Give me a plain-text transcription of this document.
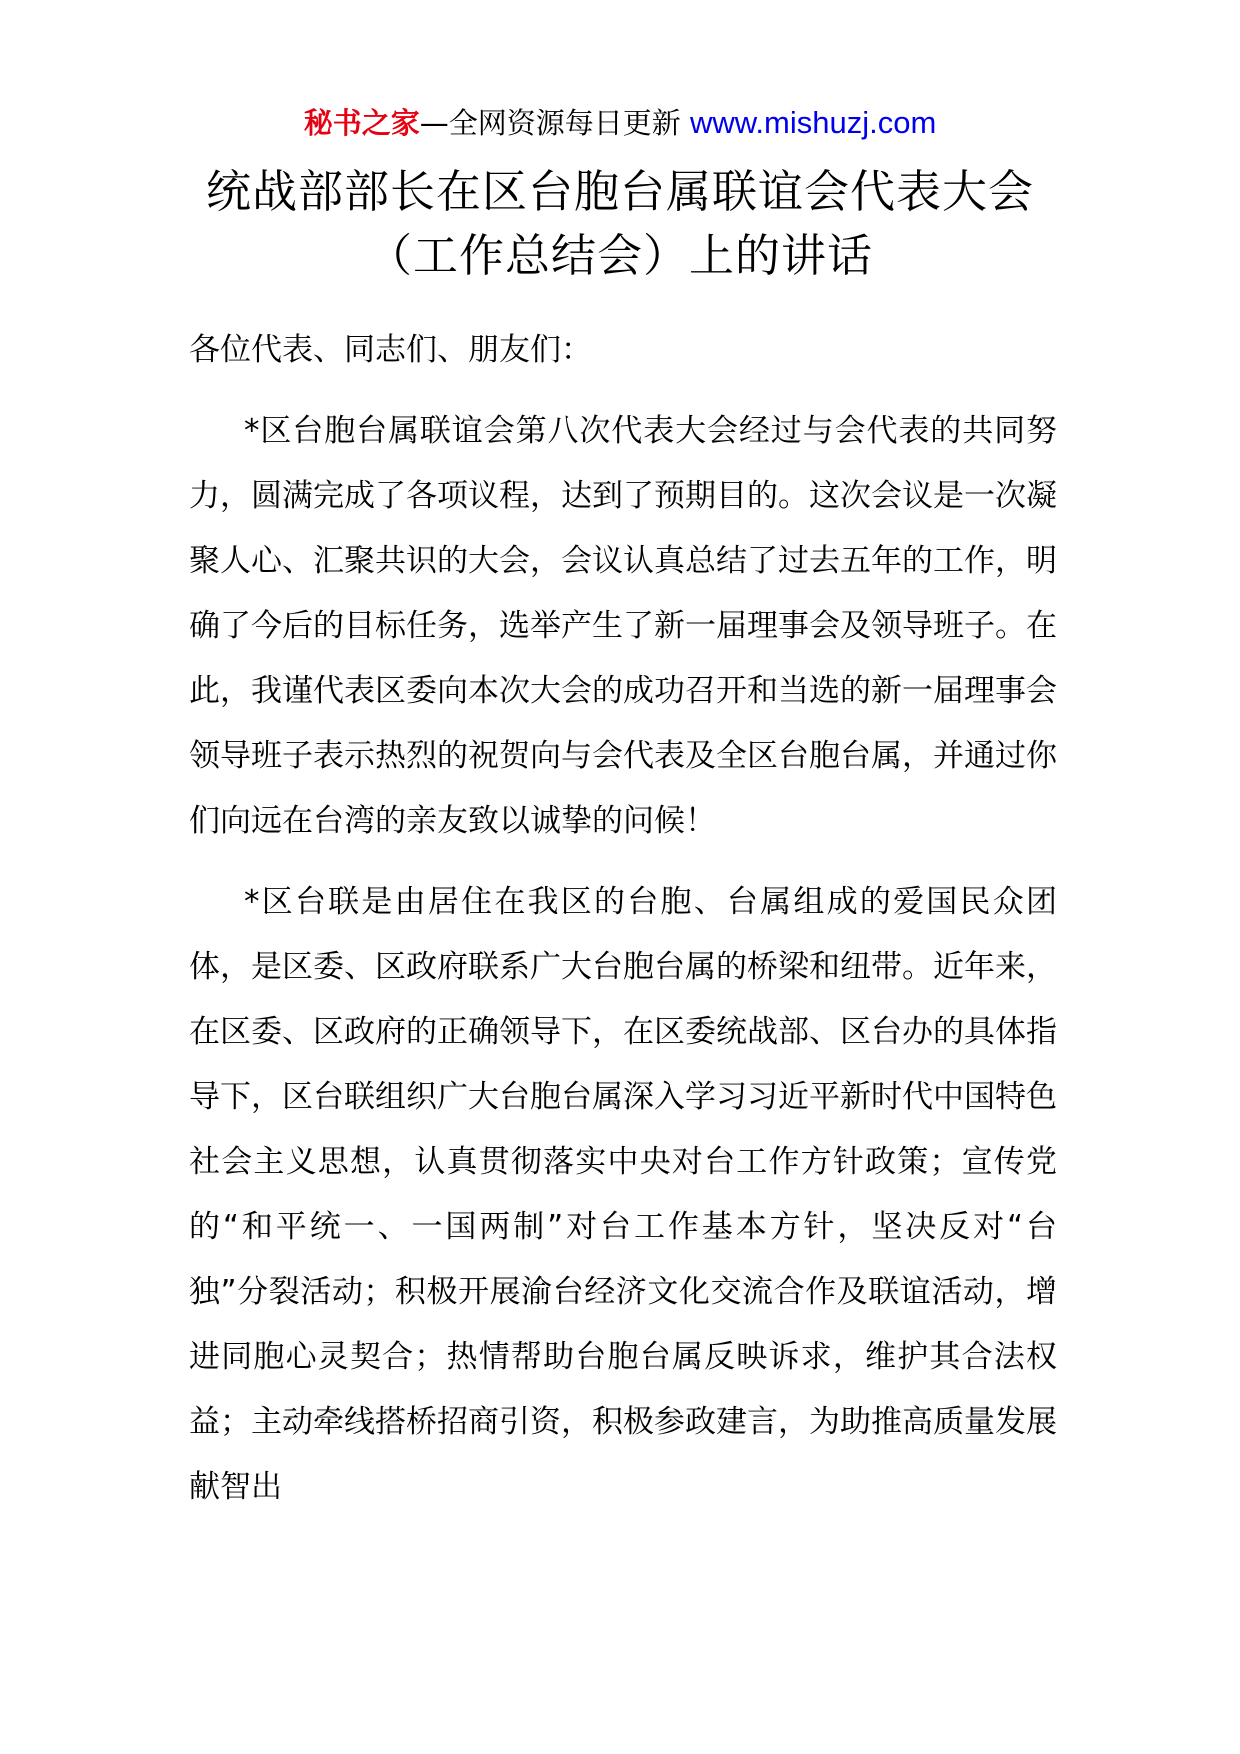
秘书之家—全网资源每日更新 www.mishuzj.com
统战部部长在区台胞台属联谊会代表大会
（工作总结会）上的讲话

各位代表、同志们、朋友们：

*区台胞台属联谊会第八次代表大会经过与会代表的共同努力，圆满完成了各项议程，达到了预期目的。这次会议是一次凝聚人心、汇聚共识的大会，会议认真总结了过去五年的工作，明确了今后的目标任务，选举产生了新一届理事会及领导班子。在此，我谨代表区委向本次大会的成功召开和当选的新一届理事会领导班子表示热烈的祝贺向与会代表及全区台胞台属，并通过你们向远在台湾的亲友致以诚挚的问候！

*区台联是由居住在我区的台胞、台属组成的爱国民众团体，是区委、区政府联系广大台胞台属的桥梁和纽带。近年来，在区委、区政府的正确领导下，在区委统战部、区台办的具体指导下，区台联组织广大台胞台属深入学习习近平新时代中国特色社会主义思想，认真贯彻落实中央对台工作方针政策；宣传党的“和平统一、一国两制”对台工作基本方针，坚决反对“台独”分裂活动；积极开展渝台经济文化交流合作及联谊活动，增进同胞心灵契合；热情帮助台胞台属反映诉求，维护其合法权益；主动牵线搭桥招商引资，积极参政建言，为助推高质量发展献智出
